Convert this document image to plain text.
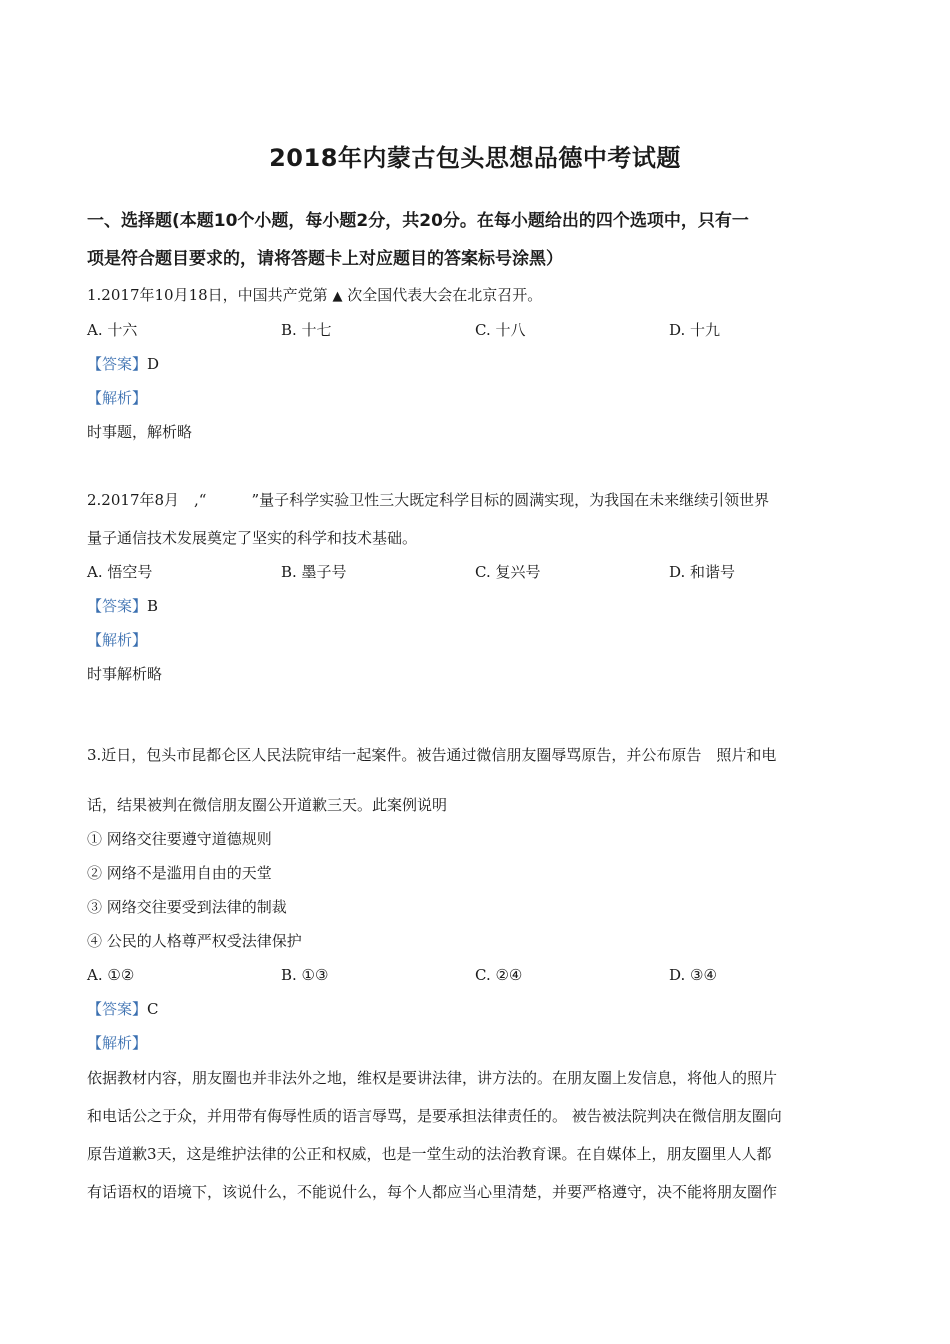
2018年内蒙古包头思想品德中考试题
一、选择题(本题10个小题，每小题2分，共20分。在每小题给出的四个选项中，只有一
项是符合题目要求的，请将答题卡上对应题目的答案标号涂黑）
1.2017年10月18日，中国共产党第 ▲ 次全国代表大会在北京召开。
A. 十六	B. 十七	C. 十八	D. 十九
【答案】D
【解析】
时事题，解析略
2.2017年8月　,“　　　”量子科学实验卫性三大既定科学目标的圆满实现，为我国在未来继续引领世界
量子通信技术发展奠定了坚实的科学和技术基础。
A. 悟空号	B. 墨子号	C. 复兴号	D. 和谐号
【答案】B
【解析】
时事解析略
3.近日，包头市昆都仑区人民法院审结一起案件。被告通过微信朋友圈辱骂原告，并公布原告　照片和电
话，结果被判在微信朋友圈公开道歉三天。此案例说明
① 网络交往要遵守道德规则
② 网络不是滥用自由的天堂
③ 网络交往要受到法律的制裁
④ 公民的人格尊严权受法律保护
A. ①②	B. ①③	C. ②④	D. ③④
【答案】C
【解析】
依据教材内容，朋友圈也并非法外之地，维权是要讲法律，讲方法的。在朋友圈上发信息，将他人的照片
和电话公之于众，并用带有侮辱性质的语言辱骂，是要承担法律责任的。 被告被法院判决在微信朋友圈向
原告道歉3天，这是维护法律的公正和权威，也是一堂生动的法治教育课。在自媒体上，朋友圈里人人都
有话语权的语境下，该说什么，不能说什么，每个人都应当心里清楚，并要严格遵守，决不能将朋友圈作
